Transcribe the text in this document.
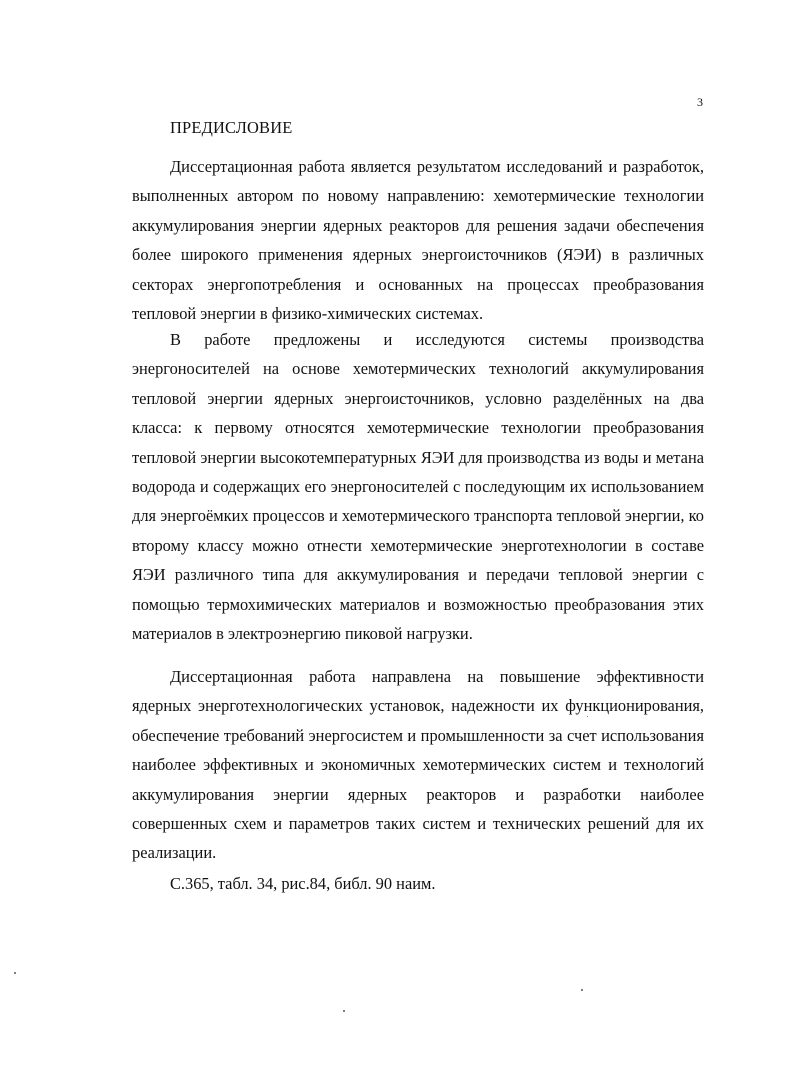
3
ПРЕДИСЛОВИЕ

Диссертационная работа является результатом исследований и разработок, выполненных автором по новому направлению: хемотермические технологии аккумулирования энергии ядерных реакторов для решения задачи обеспечения более широкого применения ядерных энергоисточников (ЯЭИ) в различных секторах энергопотребления и основанных на процессах преобразования тепловой энергии в физико-химических системах.

В работе предложены и исследуются системы производства энергоносителей на основе хемотермических технологий аккумулирования тепловой энергии ядерных энергоисточников, условно разделённых на два класса: к первому относятся хемотермические технологии преобразования тепловой энергии высокотемпературных ЯЭИ для производства из воды и метана водорода и содержащих его энергоносителей с последующим их использованием для энергоёмких процессов и хемотермического транспорта тепловой энергии, ко второму классу можно отнести хемотермические энерготехнологии в составе ЯЭИ различного типа для аккумулирования и передачи тепловой энергии с помощью термохимических материалов и возможностью преобразования этих материалов в электроэнергию пиковой нагрузки.

Диссертационная работа направлена на повышение эффективности ядерных энерготехнологических установок, надежности их функционирования, обеспечение требований энергосистем и промышленности за счет использования наиболее эффективных и экономичных хемотермических систем и технологий аккумулирования энергии ядерных реакторов и разработки наиболее совершенных схем и параметров таких систем и технических решений для их реализации.

С.365, табл. 34, рис.84, библ. 90 наим.
